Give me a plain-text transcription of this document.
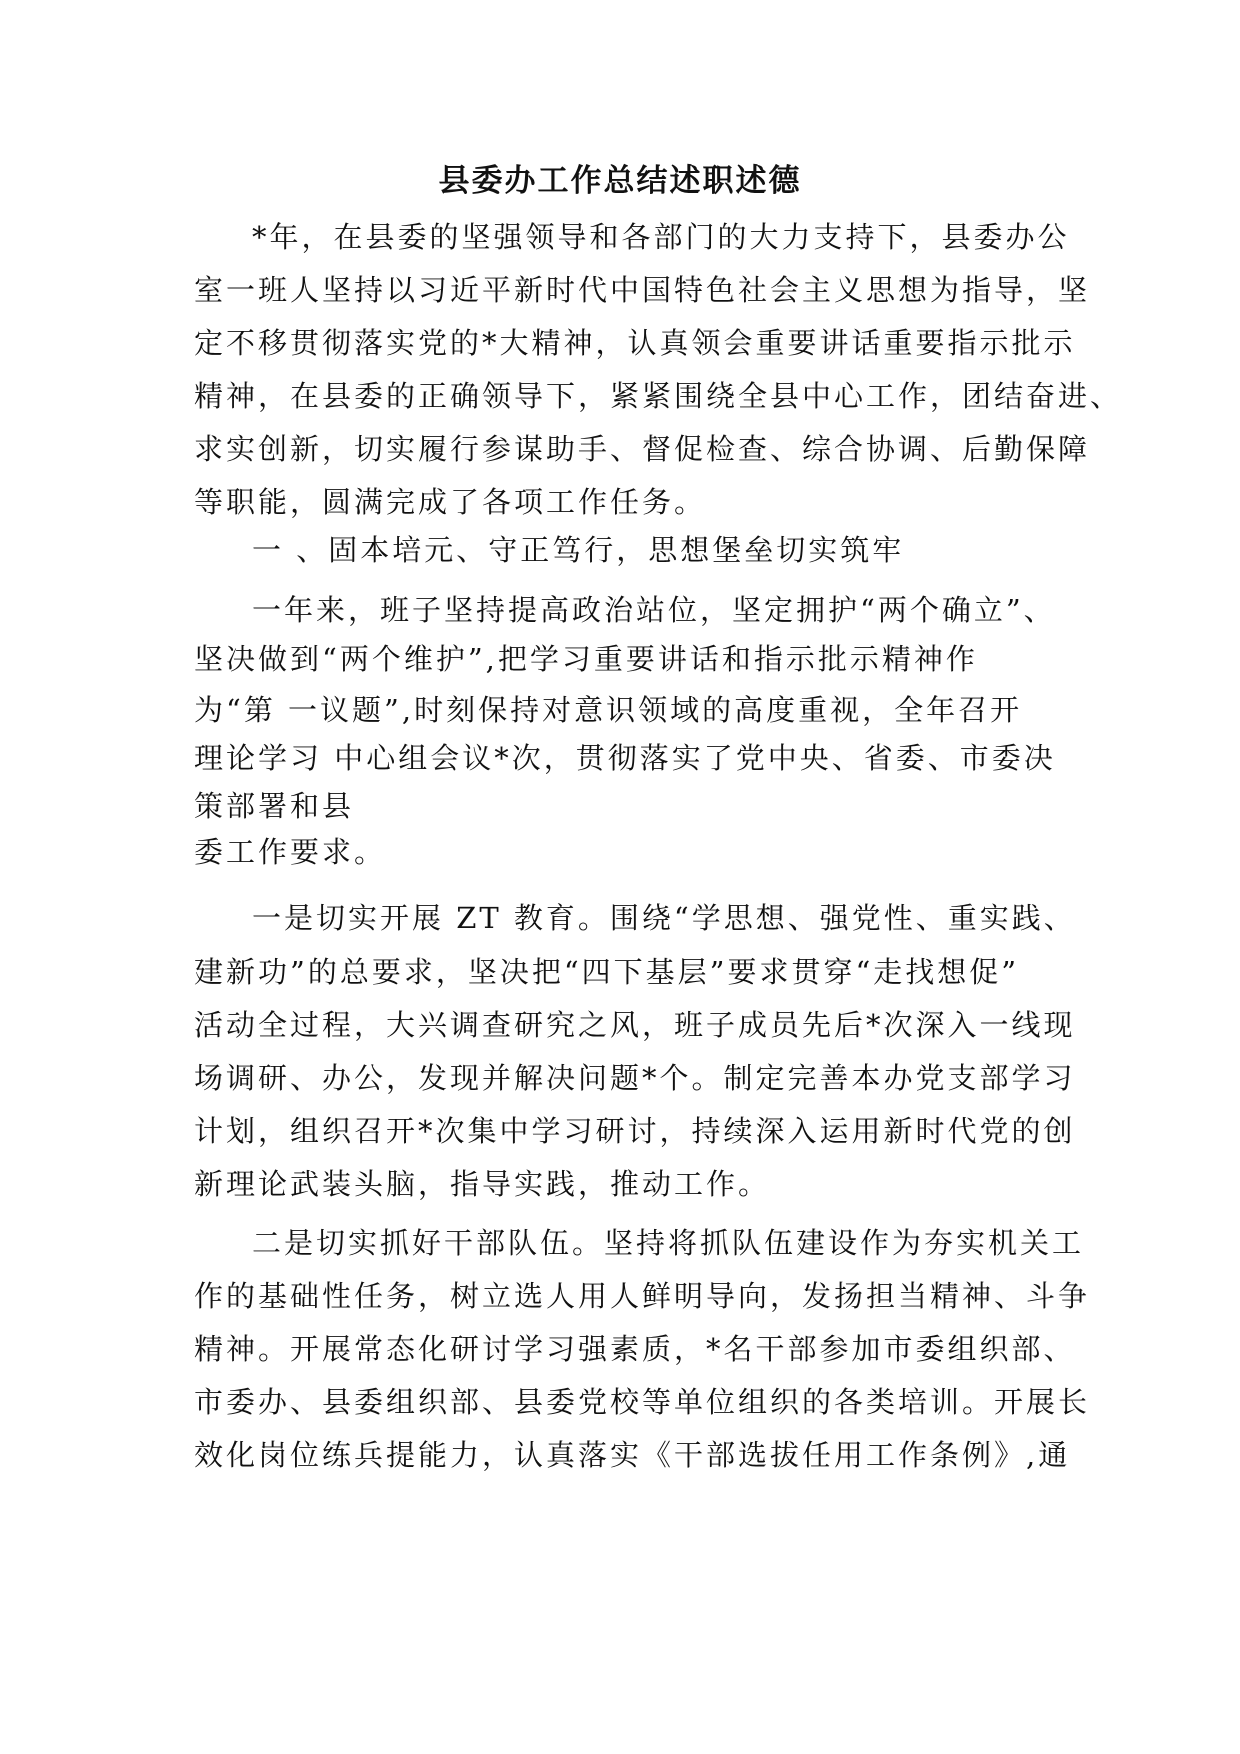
县委办工作总结述职述德
*年，在县委的坚强领导和各部门的大力支持下，县委办公
室一班人坚持以习近平新时代中国特色社会主义思想为指导，坚
定不移贯彻落实党的*大精神，认真领会重要讲话重要指示批示
精神，在县委的正确领导下，紧紧围绕全县中心工作，团结奋进、
求实创新，切实履行参谋助手、督促检查、综合协调、后勤保障
等职能，圆满完成了各项工作任务。
一 、固本培元、守正笃行，思想堡垒切实筑牢
一年来，班子坚持提高政治站位，坚定拥护“两个确立”、
坚决做到“两个维护”,把学习重要讲话和指示批示精神作
为“第 一议题”,时刻保持对意识领域的高度重视，全年召开
理论学习 中心组会议*次，贯彻落实了党中央、省委、市委决
策部署和县
委工作要求。
一是切实开展 ZT 教育。围绕“学思想、强党性、重实践、
建新功”的总要求，坚决把“四下基层”要求贯穿“走找想促”
活动全过程，大兴调查研究之风，班子成员先后*次深入一线现
场调研、办公，发现并解决问题*个。制定完善本办党支部学习
计划，组织召开*次集中学习研讨，持续深入运用新时代党的创
新理论武装头脑，指导实践，推动工作。
二是切实抓好干部队伍。坚持将抓队伍建设作为夯实机关工
作的基础性任务，树立选人用人鲜明导向，发扬担当精神、斗争
精神。开展常态化研讨学习强素质，*名干部参加市委组织部、
市委办、县委组织部、县委党校等单位组织的各类培训。开展长
效化岗位练兵提能力，认真落实《干部选拔任用工作条例》,通
